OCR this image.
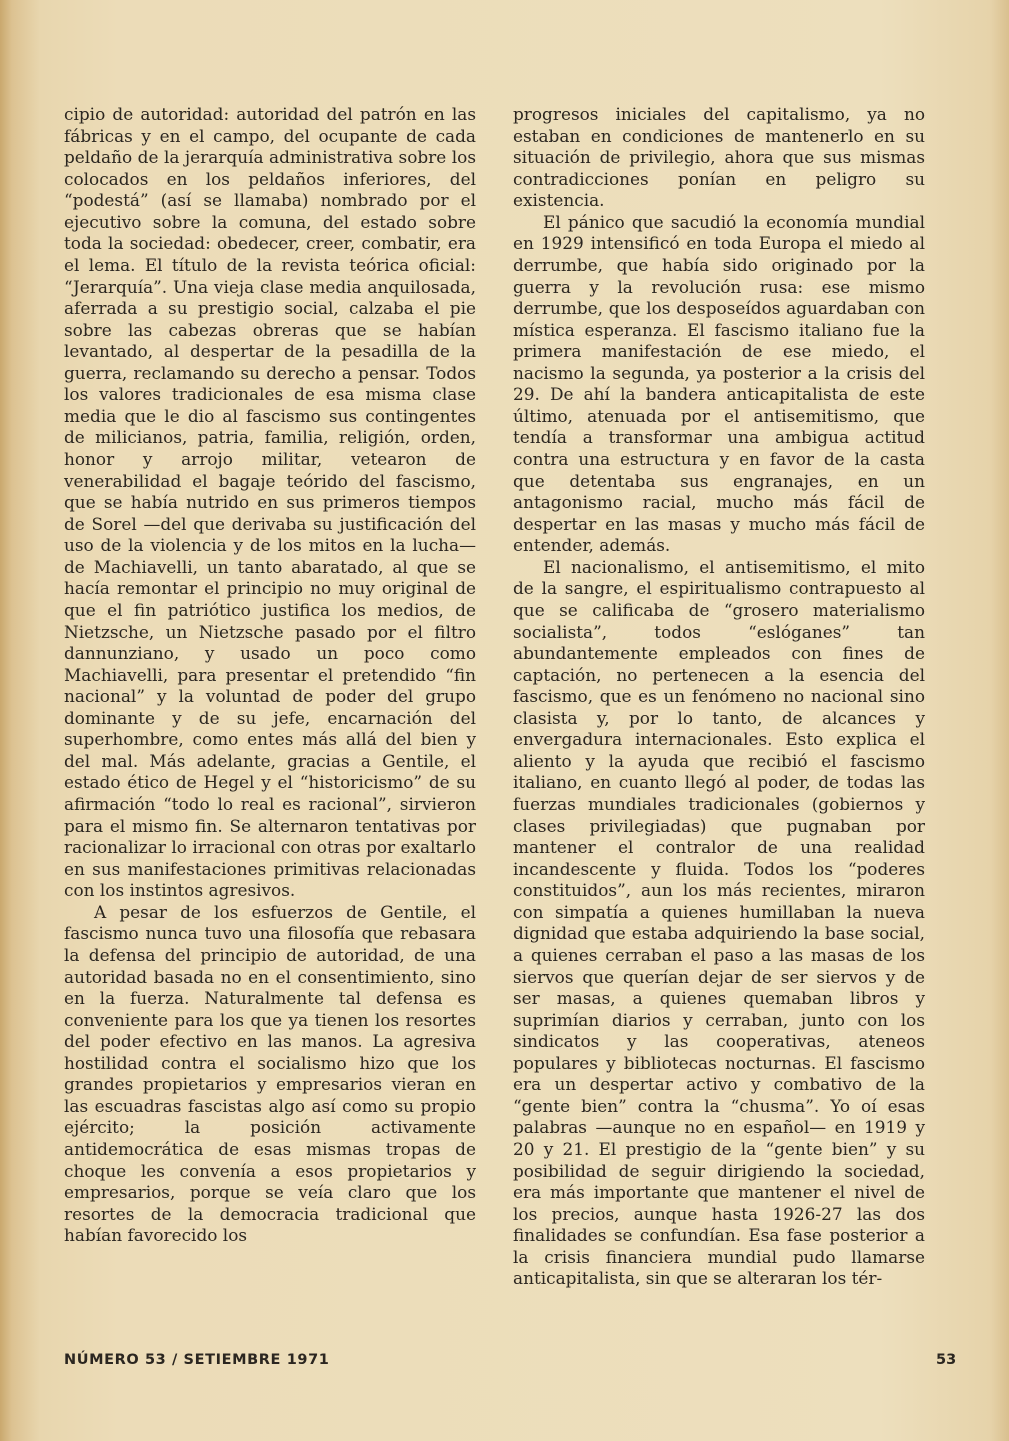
cipio de autoridad: autoridad del patrón en las fábricas y en el campo, del ocupante de cada peldaño de la jerarquía administrativa sobre los colocados en los peldaños inferiores, del “podestá” (así se llamaba) nombrado por el ejecutivo sobre la comuna, del estado sobre toda la sociedad: obedecer, creer, combatir, era el lema. El título de la revista teórica oficial: “Jerarquía”. Una vieja clase media anquilosada, aferrada a su prestigio social, calzaba el pie sobre las cabezas obreras que se habían levantado, al despertar de la pesadilla de la guerra, reclamando su derecho a pensar. Todos los valores tradicionales de esa misma clase media que le dio al fascismo sus contingentes de milicianos, patria, familia, religión, orden, honor y arrojo militar, vetearon de venerabilidad el bagaje teórido del fascismo, que se había nutrido en sus primeros tiempos de Sorel —del que derivaba su justificación del uso de la violencia y de los mitos en la lucha— de Machiavelli, un tanto abaratado, al que se hacía remontar el principio no muy original de que el fin patriótico justifica los medios, de Nietzsche, un Nietzsche pasado por el filtro dannunziano, y usado un poco como Machiavelli, para presentar el pretendido “fin nacional” y la voluntad de poder del grupo dominante y de su jefe, encarnación del superhombre, como entes más allá del bien y del mal. Más adelante, gracias a Gentile, el estado ético de Hegel y el “historicismo” de su afirmación “todo lo real es racional”, sirvieron para el mismo fin. Se alternaron tentativas por racionalizar lo irracional con otras por exaltarlo en sus manifestaciones primitivas relacionadas con los instintos agresivos.

A pesar de los esfuerzos de Gentile, el fascismo nunca tuvo una filosofía que rebasara la defensa del principio de autoridad, de una autoridad basada no en el consentimiento, sino en la fuerza. Naturalmente tal defensa es conveniente para los que ya tienen los resortes del poder efectivo en las manos. La agresiva hostilidad contra el socialismo hizo que los grandes propietarios y empresarios vieran en las escuadras fascistas algo así como su propio ejército; la posición activamente antidemocrática de esas mismas tropas de choque les convenía a esos propietarios y empresarios, porque se veía claro que los resortes de la democracia tradicional que habían favorecido los

progresos iniciales del capitalismo, ya no estaban en condiciones de mantenerlo en su situación de privilegio, ahora que sus mismas contradicciones ponían en peligro su existencia.

El pánico que sacudió la economía mundial en 1929 intensificó en toda Europa el miedo al derrumbe, que había sido originado por la guerra y la revolución rusa: ese mismo derrumbe, que los desposeídos aguardaban con mística esperanza. El fascismo italiano fue la primera manifestación de ese miedo, el nacismo la segunda, ya posterior a la crisis del 29. De ahí la bandera anticapitalista de este último, atenuada por el antisemitismo, que tendía a transformar una ambigua actitud contra una estructura y en favor de la casta que detentaba sus engranajes, en un antagonismo racial, mucho más fácil de despertar en las masas y mucho más fácil de entender, además.

El nacionalismo, el antisemitismo, el mito de la sangre, el espiritualismo contrapuesto al que se calificaba de “grosero materialismo socialista”, todos “eslóganes” tan abundantemente empleados con fines de captación, no pertenecen a la esencia del fascismo, que es un fenómeno no nacional sino clasista y, por lo tanto, de alcances y envergadura internacionales. Esto explica el aliento y la ayuda que recibió el fascismo italiano, en cuanto llegó al poder, de todas las fuerzas mundiales tradicionales (gobiernos y clases privilegiadas) que pugnaban por mantener el contralor de una realidad incandescente y fluida. Todos los “poderes constituidos”, aun los más recientes, miraron con simpatía a quienes humillaban la nueva dignidad que estaba adquiriendo la base social, a quienes cerraban el paso a las masas de los siervos que querían dejar de ser siervos y de ser masas, a quienes quemaban libros y suprimían diarios y cerraban, junto con los sindicatos y las cooperativas, ateneos populares y bibliotecas nocturnas. El fascismo era un despertar activo y combativo de la “gente bien” contra la “chusma”. Yo oí esas palabras —aunque no en español— en 1919 y 20 y 21. El prestigio de la “gente bien” y su posibilidad de seguir dirigiendo la sociedad, era más importante que mantener el nivel de los precios, aunque hasta 1926-27 las dos finalidades se confundían. Esa fase posterior a la crisis financiera mundial pudo llamarse anticapitalista, sin que se alteraran los tér-

NÚMERO 53 / SETIEMBRE 1971	53
